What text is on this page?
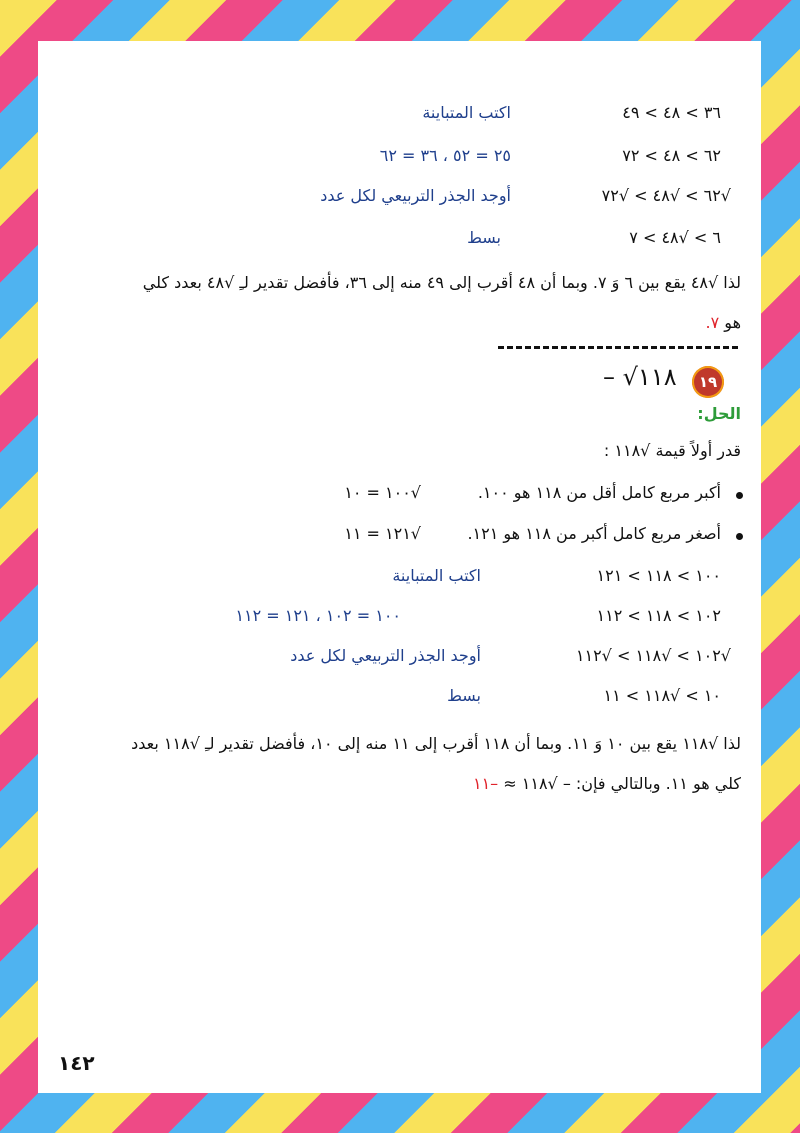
٣٦ > ٤٨ > ٤٩
اكتب المتباينة
٦٢ > ٤٨ > ٧٢
٢٥ = ٥٢ ، ٣٦ = ٦٢
√٦٢ > √٤٨ > √٧٢
أوجد الجذر التربيعي لكل عدد
٦ > √٤٨ > ٧
بسط
لذا √٤٨ يقع بين ٦ وَ ٧. وبما أن ٤٨ أقرب إلى ٤٩ منه إلى ٣٦، فأفضل تقدير لـِ √٤٨ بعدد كلي
هو ٧.
١٩
– √١١٨
الحل:
قدر أولاً قيمة √١١٨ :
أكبر مربع كامل أقل من ١١٨ هو ١٠٠.
√١٠٠ = ١٠
أصغر مربع كامل أكبر من ١١٨ هو ١٢١.
√١٢١ = ١١
١٠٠ > ١١٨ > ١٢١
اكتب المتباينة
١٠٢ > ١١٨ > ١١٢
١٠٠ = ١٠٢ ، ١٢١ = ١١٢
√١٠٢ > √١١٨ > √١١٢
أوجد الجذر التربيعي لكل عدد
١٠ > √١١٨ > ١١
بسط
لذا √١١٨ يقع بين ١٠ وَ ١١. وبما أن ١١٨ أقرب إلى ١١ منه إلى ١٠، فأفضل تقدير لـِ √١١٨ بعدد
كلي هو ١١. وبالتالي فإن: – √١١٨ ≈ –١١
١٤٢
